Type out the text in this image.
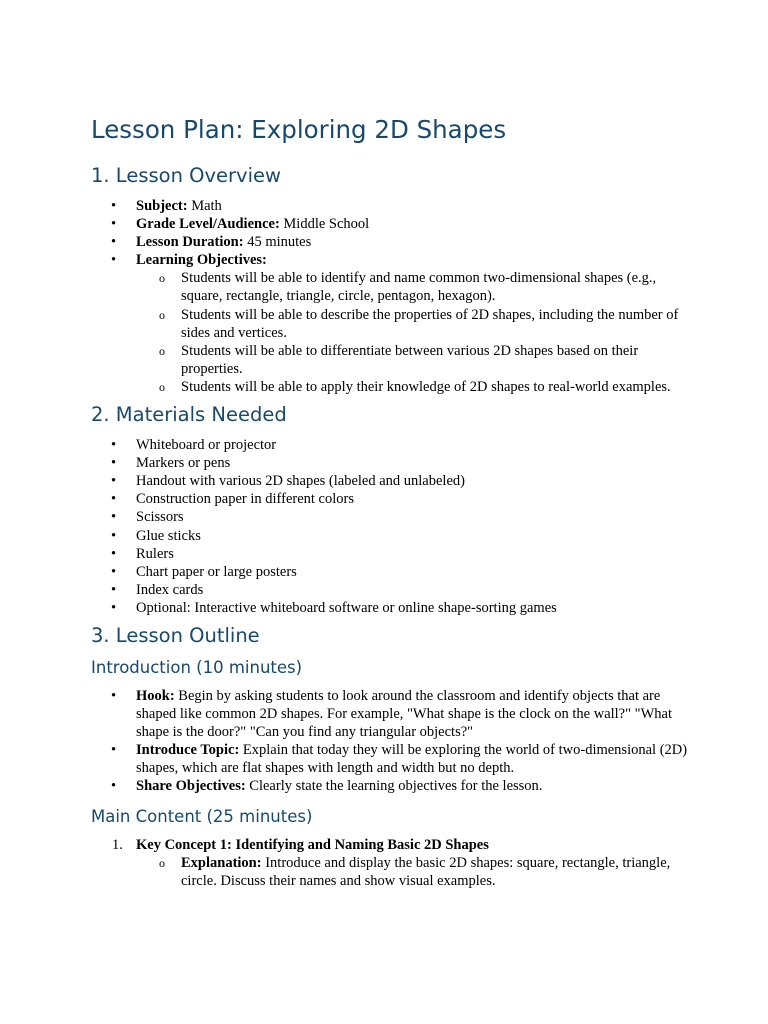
Lesson Plan: Exploring 2D Shapes
1. Lesson Overview
• Subject: Math
• Grade Level/Audience: Middle School
• Lesson Duration: 45 minutes
• Learning Objectives:
o Students will be able to identify and name common two-dimensional shapes (e.g., square, rectangle, triangle, circle, pentagon, hexagon).
o Students will be able to describe the properties of 2D shapes, including the number of sides and vertices.
o Students will be able to differentiate between various 2D shapes based on their properties.
o Students will be able to apply their knowledge of 2D shapes to real-world examples.
2. Materials Needed
• Whiteboard or projector
• Markers or pens
• Handout with various 2D shapes (labeled and unlabeled)
• Construction paper in different colors
• Scissors
• Glue sticks
• Rulers
• Chart paper or large posters
• Index cards
• Optional: Interactive whiteboard software or online shape-sorting games
3. Lesson Outline
Introduction (10 minutes)
• Hook: Begin by asking students to look around the classroom and identify objects that are shaped like common 2D shapes. For example, "What shape is the clock on the wall?" "What shape is the door?" "Can you find any triangular objects?"
• Introduce Topic: Explain that today they will be exploring the world of two-dimensional (2D) shapes, which are flat shapes with length and width but no depth.
• Share Objectives: Clearly state the learning objectives for the lesson.
Main Content (25 minutes)
1. Key Concept 1: Identifying and Naming Basic 2D Shapes
o Explanation: Introduce and display the basic 2D shapes: square, rectangle, triangle, circle. Discuss their names and show visual examples.
